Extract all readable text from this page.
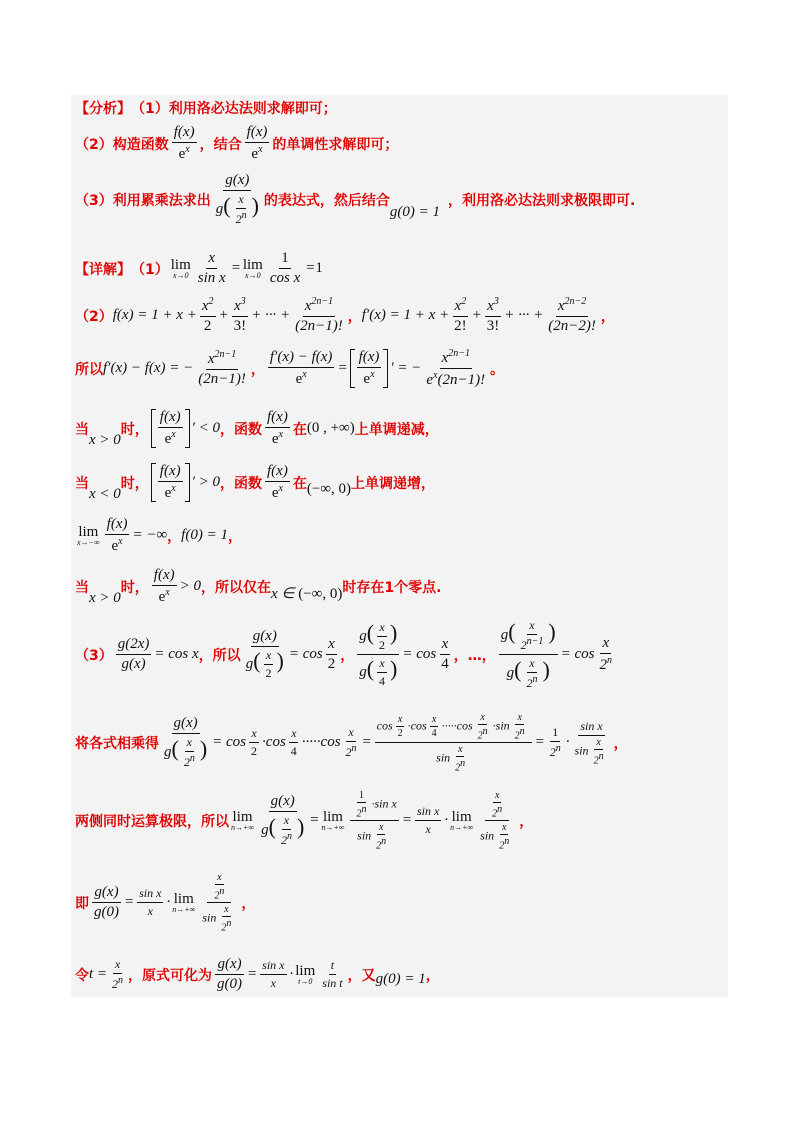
【分析】 （1）利用洛必达法则求解即可；
（2）构造函数 $\frac{f(x)}{e^x}$ ，结合 $\frac{f(x)}{e^x}$ 的单调性求解即可；
（3）利用累乘法求出 $\frac{g(x)}{g( \frac{x}{2^n} )}$ 的表达式，然后结合
g(0) = 1
，利用洛必达法则求极限即可.
【详解】 （1） lim
$x\to 0 \frac{x}{\text{sin x}} = \lim$
$x\to 0 \frac{1}{\text{cos x}} = 1$
（2） $f(x) = 1 + x + \frac{x^2}{2} + \frac{x^3}{3!}$ + ··· + $\frac{x^{2n-1}}{(2n-1)!}$ ， $f'(x) = 1 + x + \frac{x^2}{2!} + \frac{x^3}{3!}$ + ··· + $\frac{x^{2n-2}}{(2n-2)!}$ ，
所以 f′(x) − f(x) = − $\frac{x^{2n-1}}{(2n-1)!}$ ， $\frac{f'(x) - f(x)}{e^x} = \frac{f(x)}{e^x}$ ′ = − $\frac{x^{2n-1}}{e^x(2n-1)!}$ 。
当
x > 0
时， $\frac{f(x)}{e^x}$ ′ < 0 ，函数 $\frac{f(x)}{e^x}$ 在 (0 , +∞) 上单调递减，
当
x < 0
时， $\frac{f(x)}{e^x}$ ′ > 0 ，函数 $\frac{f(x)}{e^x}$ 在 (−∞, 0) 上单调递增，
lim
$x\to-\infty \frac{f(x)}{e^x}$ = −∞ ， f(0) = 1 ，
当
x > 0
时， $\frac{f(x)}{e^x} > 0$ ，所以仅在 x ∈ (−∞, 0) 时存在1个零点.
$(3) \frac{g(2x)}{g(x)} = \cos x$ ，所以 $\frac{g(x)}{g( \frac{x}{2} )} = \cos \frac{x}{2}$ ， $\frac{g( \frac{x}{2} )}{g( \frac{x}{4} )} = \cos \frac{x}{4}$ ，…， $\frac{g( \frac{x}{2^{n-1}} )}{g( \frac{x}{2^n} )} = \cos \frac{x}{2^n}$
将各式相乘得 $\frac{g(x)}{g( \frac{x}{2^n} )} = \cos \frac{x}{2} \cdot\cos \frac{x}{4} \cdot\cdot\cdot\cdot\cdot\cos \frac{x}{2^n} = \frac{\cos \frac{x}{2} \cdot\cos \frac{x}{4} \cdot\cdot\cdot\cdot\cdot\cos \frac{x}{2n} \cdot\sin \frac{x}{2n}}{\sin \frac{x}{2n}} = \frac{1}{2^n} \cdot \frac{\text{sin x}}{\sin \frac{x}{2n}}$ ，
两侧同时运算极限，所以 lim
$n\to+\infty \frac{g(x)}{g( \frac{x}{2^n} )} = \lim$
$n\to+\infty \frac{\frac{1}{2n} \cdot\sin x}{\sin \frac{x}{2n}} = \frac{\text{sin x}}{x} \cdot \lim$
$n\to+\infty \frac{\frac{x}{2n}}{\sin \frac{x}{2n}}$ ，
即 $\frac{g(x)}{g(0)} = \frac{\text{sin x}}{x} \cdot \lim$
$n\to+\infty \frac{\frac{x}{2n}}{\sin \frac{x}{2n}}$ ，
令 $t = \frac{x}{2^n}$ ，原式可化为 $\frac{g(x)}{g(0)} = \frac{\text{sin x}}{x} \cdot \lim$
$t\to 0 \frac{t}{\text{sin t}}$ ，又 g(0) = 1 ，
